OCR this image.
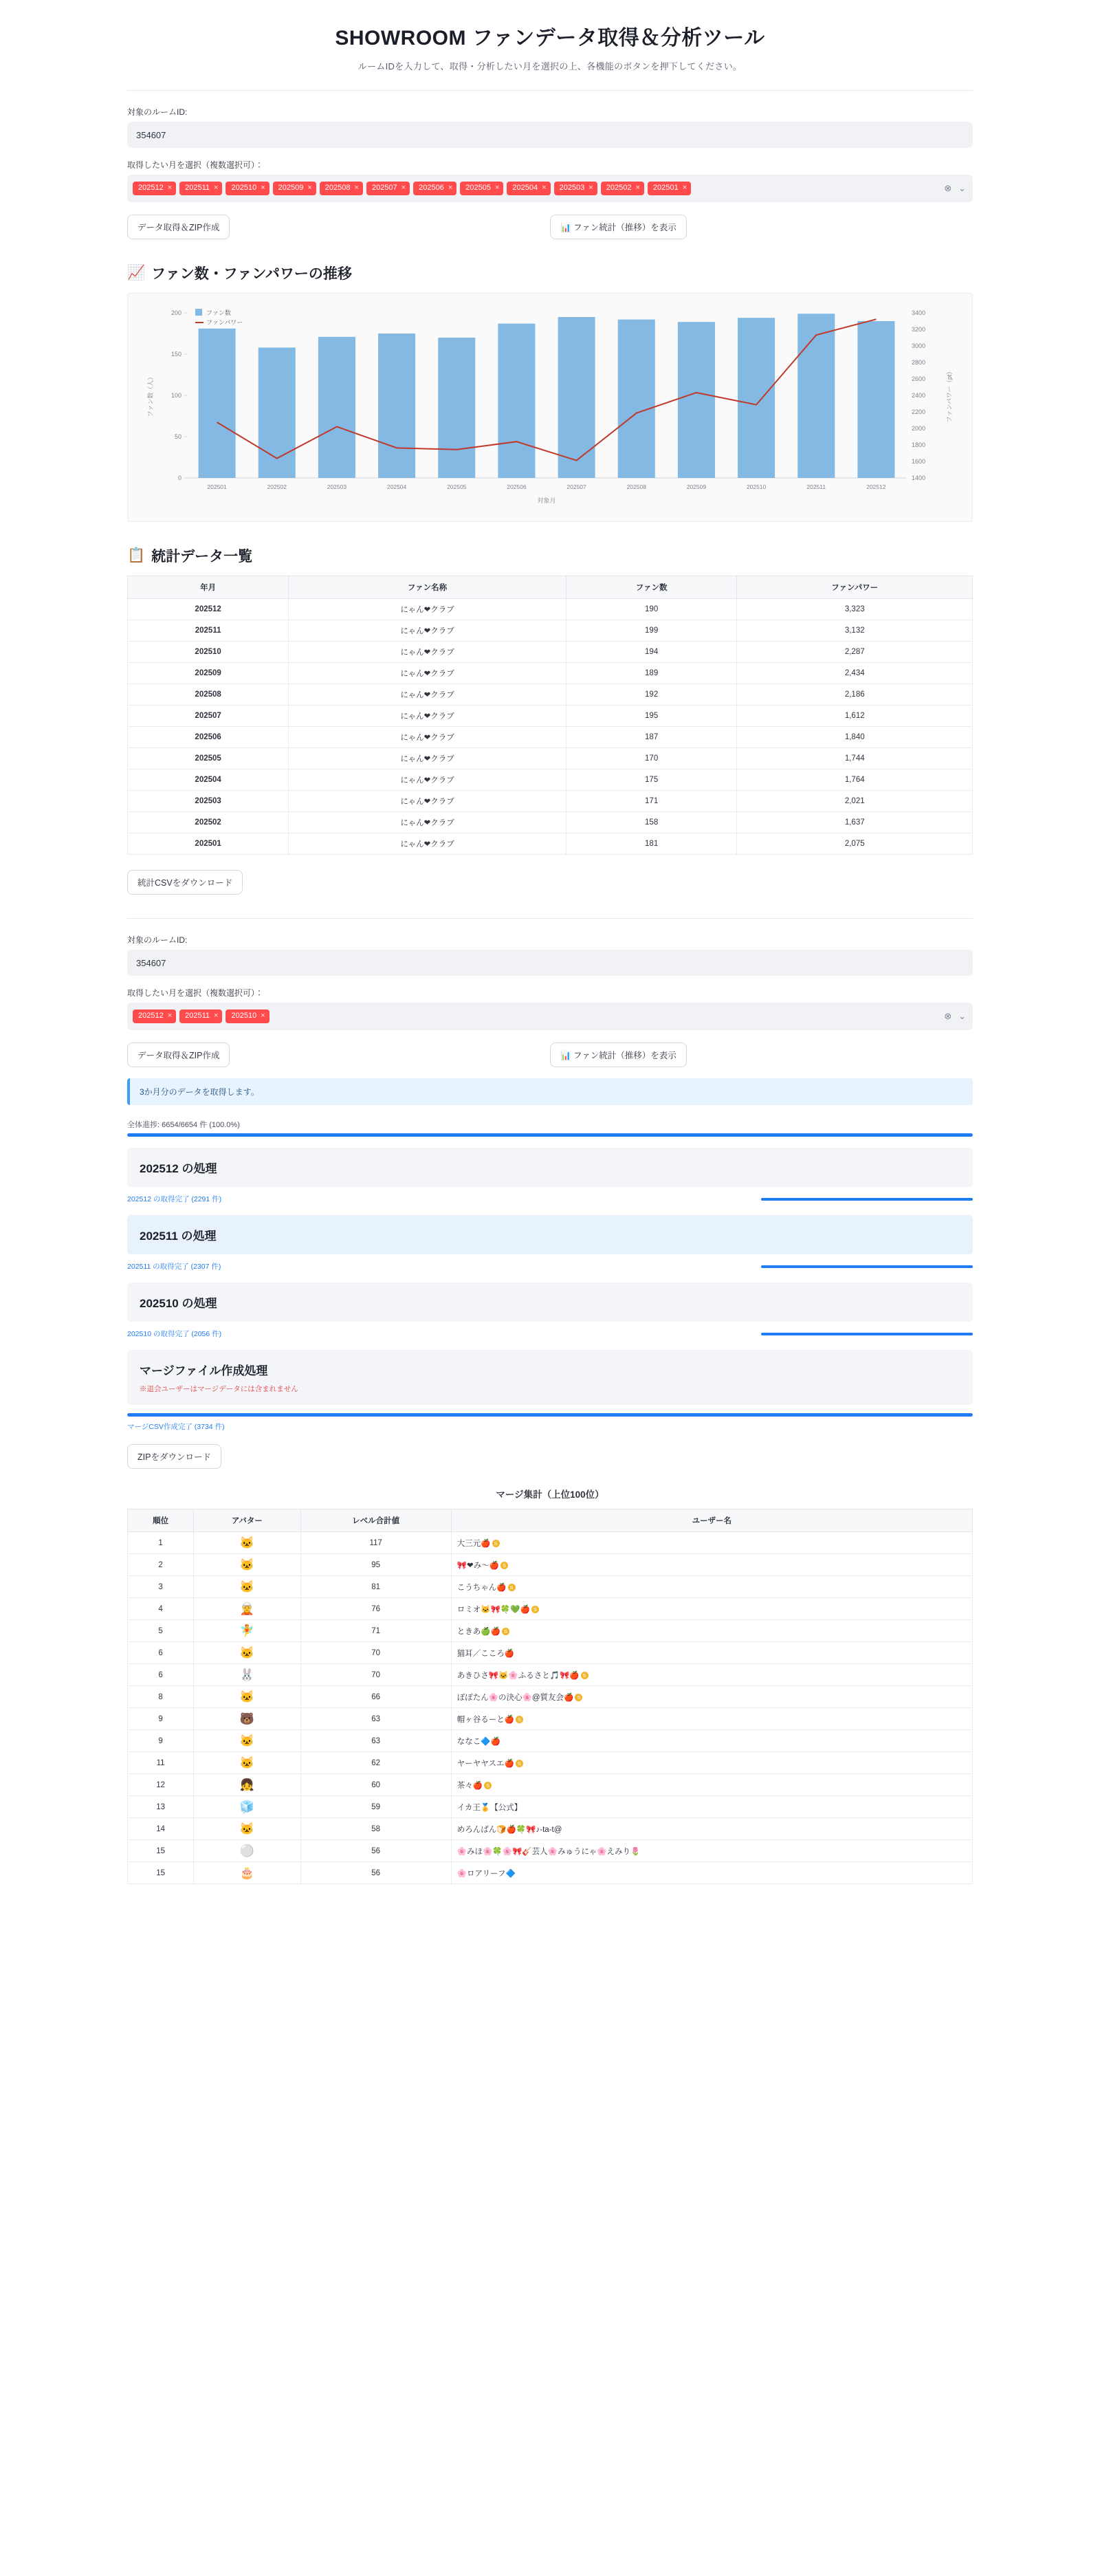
SHOWROOM ファンデータ取得＆分析ツール
ルームIDを入力して、取得・分析したい月を選択の上、各機能のボタンを押下してください。
対象のルームID:
354607
取得したい月を選択（複数選択可）：
202512 × 202511 × 202510 × 202509 × 202508 × 202507 × 202506 × 202505 × 202504 × 202503 × 202502 × 202501 ×	⊗ ⌄
データ取得＆ZIP作成	📊 ファン統計（推移）を表示
📈 ファン数・ファンパワーの推移
0
50
100
150
200
1400
1600
1800
2000
2200
2400
2600
2800
3000
3200
3400
202501	202502	202503	202504	202505	202506	202507	202508	202509	202510	202511	202512
対象月
ファン数（人）	ファンパワー（pt）
ファン数
ファンパワー
📋 統計データ一覧
年月	ファン名称	ファン数	ファンパワー
202512	にゃん❤クラブ	190	3,323
202511	にゃん❤クラブ	199	3,132
202510	にゃん❤クラブ	194	2,287
202509	にゃん❤クラブ	189	2,434
202508	にゃん❤クラブ	192	2,186
202507	にゃん❤クラブ	195	1,612
202506	にゃん❤クラブ	187	1,840
202505	にゃん❤クラブ	170	1,744
202504	にゃん❤クラブ	175	1,764
202503	にゃん❤クラブ	171	2,021
202502	にゃん❤クラブ	158	1,637
202501	にゃん❤クラブ	181	2,075
統計CSVをダウンロード
対象のルームID:
354607
取得したい月を選択（複数選択可）：
202512 × 202511 × 202510 ×	⊗ ⌄
データ取得＆ZIP作成	📊 ファン統計（推移）を表示
3か月分のデータを取得します。
全体進捗: 6654/6654 件 (100.0%)
202512 の処理
202512 の取得完了 (2291 件)
202511 の処理
202511 の取得完了 (2307 件)
202510 の処理
202510 の取得完了 (2056 件)
マージファイル作成処理
※退会ユーザーはマージデータには含まれません
マージCSV作成完了 (3734 件)
ZIPをダウンロード
マージ集計（上位100位）
順位	アバター	レベル合計値	ユーザー名
1	🐱	117	大三元🍎 S
2	🐱	95	🎀❤み～🍎 S
3	🐱	81	こうちゃん🍎 S
4	🧝	76	ロミオ🐱🎀🍀💚🍎 S
5	🧚	71	ときあ🍏🍎 S
6	🐱	70	猫耳／こころ🍎
6	🐰	70	あきひさ🎀🐱🌸ふるさと🎵🎀🍎 S
8	🐱	66	ぽぽたん🌸の決心🌸@質友会🍎 S
9	🐻	63	帽ヶ谷るーと🍎 S
9	🐱	63	ななこ🔷🍎
11	🐱	62	ヤーヤヤスエ🍎 S
12	👧	60	茶々🍎 S
13	🧊	59	イカ王🏅【公式】
14	🐱	58	めろんぱん🍞🍎🍀🎀♪-ta-t@
15	⚪	56	🌸みほ🌸🍀🌸🎀🎸芸人🌸みゅうにゃ🌸えみり🌷
15	🎂	56	🌸ロアリーフ🔷
